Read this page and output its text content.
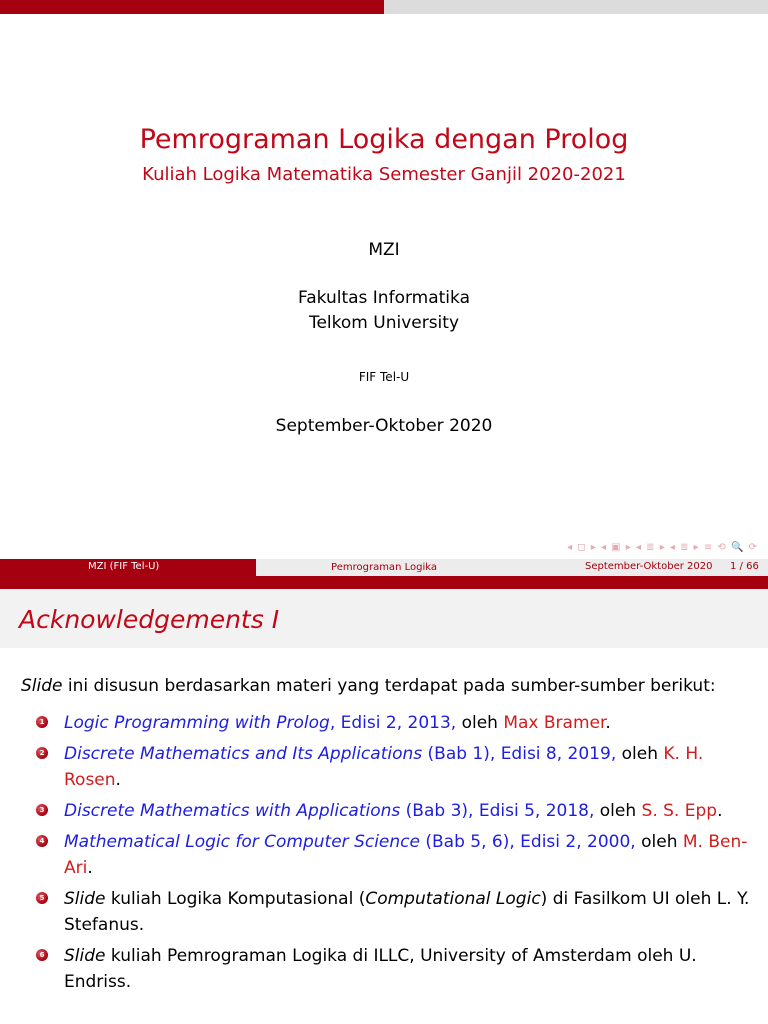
Pemrograman Logika dengan Prolog
Kuliah Logika Matematika Semester Ganjil 2020-2021
MZI
Fakultas Informatika
Telkom University
FIF Tel-U
September-Oktober 2020
◂ ◻ ▸ ◂ ▣ ▸ ◂ ≣ ▸ ◂ ≣ ▸ ≡ ⟲ 🔍 ⟳
MZI (FIF Tel-U)	Pemrograman Logika	September-Oktober 2020 1 / 66
Acknowledgements I
Slide ini disusun berdasarkan materi yang terdapat pada sumber-sumber berikut:
1 Logic Programming with Prolog, Edisi 2, 2013, oleh Max Bramer.
2 Discrete Mathematics and Its Applications (Bab 1), Edisi 8, 2019, oleh K. H. Rosen.
3 Discrete Mathematics with Applications (Bab 3), Edisi 5, 2018, oleh S. S. Epp.
4 Mathematical Logic for Computer Science (Bab 5, 6), Edisi 2, 2000, oleh M. Ben-Ari.
5 Slide kuliah Logika Komputasional (Computational Logic) di Fasilkom UI oleh L. Y. Stefanus.
6 Slide kuliah Pemrograman Logika di ILLC, University of Amsterdam oleh U. Endriss.
